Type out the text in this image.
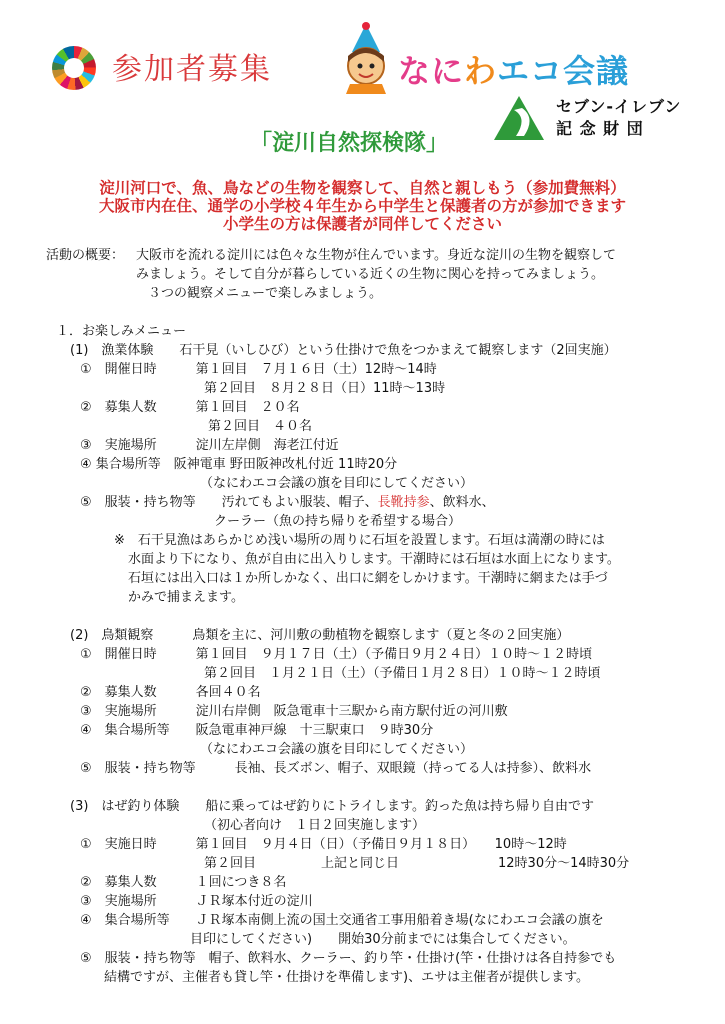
参加者募集	なにわエコ会議
セブン-イレブン
記 念 財 団
「淀川自然探検隊」
淀川河口で、魚、鳥などの生物を観察して、自然と親しもう（参加費無料）
大阪市内在住、通学の小学校４年生から中学生と保護者の方が参加できます
小学生の方は保護者が同伴してください
活動の概要： 大阪市を流れる淀川には色々な生物が住んでいます。身近な淀川の生物を観察して
みましょう。そして自分が暮らしている近くの生物に関心を持ってみましょう。
３つの観察メニューで楽しみましょう。
１．お楽しみメニュー
(1)　漁業体験　　石干見（いしひび）という仕掛けで魚をつかまえて観察します（2回実施）
①　開催日時　　　第１回目　７月１６日（土）12時〜14時
第２回目　８月２８日（日）11時〜13時
②　募集人数　　　第１回目　２０名
第２回目　４０名
③　実施場所　　　淀川左岸側　海老江付近
④ 集合場所等　阪神電車 野田阪神改札付近 11時20分
（なにわエコ会議の旗を目印にしてください）
⑤　服装・持ち物等　　汚れてもよい服装、帽子、長靴持参、飲料水、
クーラー（魚の持ち帰りを希望する場合）
※　石干見漁はあらかじめ浅い場所の周りに石垣を設置します。石垣は満潮の時には
水面より下になり、魚が自由に出入りします。干潮時には石垣は水面上になります。
石垣には出入口は１か所しかなく、出口に網をしかけます。干潮時に網または手づ
かみで捕まえます。
(2)　鳥類観察　　　鳥類を主に、河川敷の動植物を観察します（夏と冬の２回実施）
①　開催日時　　　第１回目　９月１７日（土）（予備日９月２４日）１０時〜１２時頃
第２回目　１月２１日（土）（予備日１月２８日）１０時〜１２時頃
②　募集人数　　　各回４０名
③　実施場所　　　淀川右岸側　阪急電車十三駅から南方駅付近の河川敷
④　集合場所等　　阪急電車神戸線　十三駅東口　９時30分
（なにわエコ会議の旗を目印にしてください）
⑤　服装・持ち物等　　　長袖、長ズボン、帽子、双眼鏡（持ってる人は持参）、飲料水
(3)　はぜ釣り体験　　船に乗ってはぜ釣りにトライします。釣った魚は持ち帰り自由です
（初心者向け　１日２回実施します）
①　実施日時　　　第１回目　９月４日（日）（予備日９月１８日）　　10時〜12時
第２回目　　　　　上記と同じ日	12時30分〜14時30分
②　募集人数　　　１回につき８名
③　実施場所　　　ＪＲ塚本付近の淀川
④　集合場所等　　ＪＲ塚本南側上流の国土交通省工事用船着き場(なにわエコ会議の旗を
目印にしてください)　　開始30分前までには集合してください。
⑤　服装・持ち物等　帽子、飲料水、クーラー、釣り竿・仕掛け(竿・仕掛けは各自持参でも
結構ですが、主催者も貸し竿・仕掛けを準備します)、エサは主催者が提供します。
